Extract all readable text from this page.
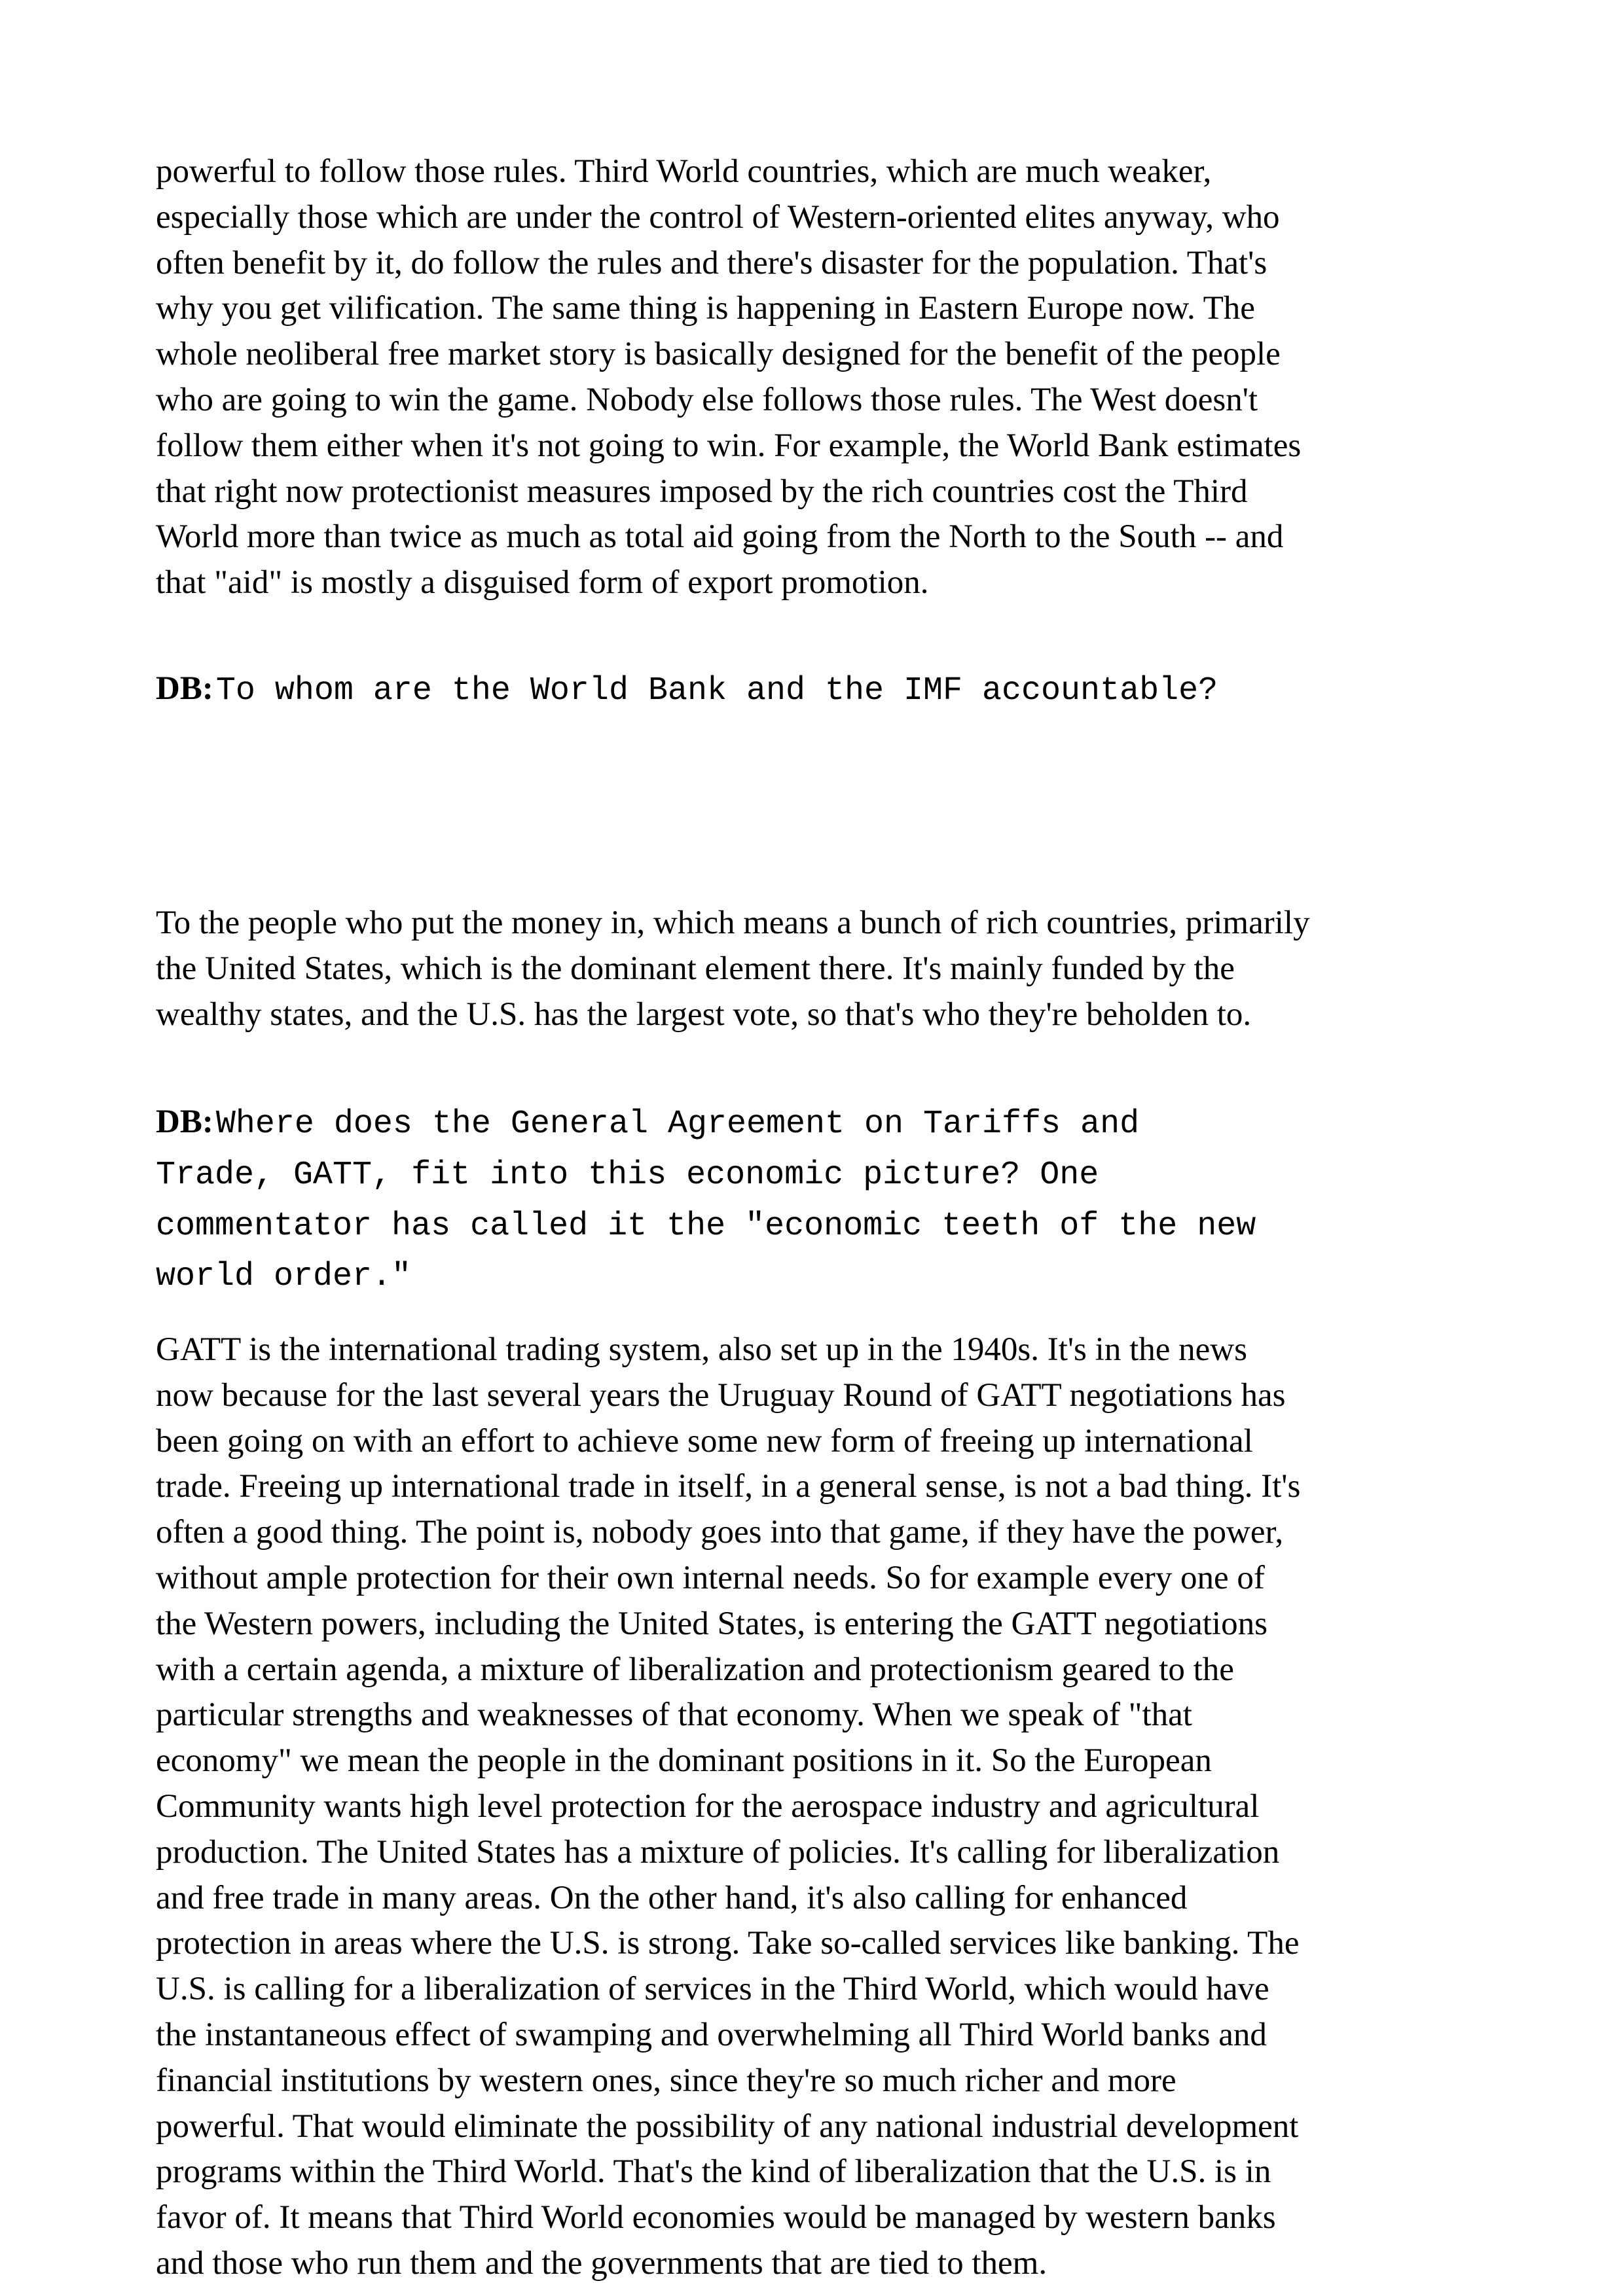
powerful to follow those rules. Third World countries, which are much weaker,
especially those which are under the control of Western-oriented elites anyway, who
often benefit by it, do follow the rules and there's disaster for the population. That's
why you get vilification. The same thing is happening in Eastern Europe now. The
whole neoliberal free market story is basically designed for the benefit of the people
who are going to win the game. Nobody else follows those rules. The West doesn't
follow them either when it's not going to win. For example, the World Bank estimates
that right now protectionist measures imposed by the rich countries cost the Third
World more than twice as much as total aid going from the North to the South -- and
that "aid" is mostly a disguised form of export promotion.

DB: To whom are the World Bank and the IMF accountable?

To the people who put the money in, which means a bunch of rich countries, primarily
the United States, which is the dominant element there. It's mainly funded by the
wealthy states, and the U.S. has the largest vote, so that's who they're beholden to.

DB: Where does the General Agreement on Tariffs and
Trade, GATT, fit into this economic picture? One
commentator has called it the "economic teeth of the new
world order."

GATT is the international trading system, also set up in the 1940s. It's in the news
now because for the last several years the Uruguay Round of GATT negotiations has
been going on with an effort to achieve some new form of freeing up international
trade. Freeing up international trade in itself, in a general sense, is not a bad thing. It's
often a good thing. The point is, nobody goes into that game, if they have the power,
without ample protection for their own internal needs. So for example every one of
the Western powers, including the United States, is entering the GATT negotiations
with a certain agenda, a mixture of liberalization and protectionism geared to the
particular strengths and weaknesses of that economy. When we speak of "that
economy" we mean the people in the dominant positions in it. So the European
Community wants high level protection for the aerospace industry and agricultural
production. The United States has a mixture of policies. It's calling for liberalization
and free trade in many areas. On the other hand, it's also calling for enhanced
protection in areas where the U.S. is strong. Take so-called services like banking. The
U.S. is calling for a liberalization of services in the Third World, which would have
the instantaneous effect of swamping and overwhelming all Third World banks and
financial institutions by western ones, since they're so much richer and more
powerful. That would eliminate the possibility of any national industrial development
programs within the Third World. That's the kind of liberalization that the U.S. is in
favor of. It means that Third World economies would be managed by western banks
and those who run them and the governments that are tied to them.
